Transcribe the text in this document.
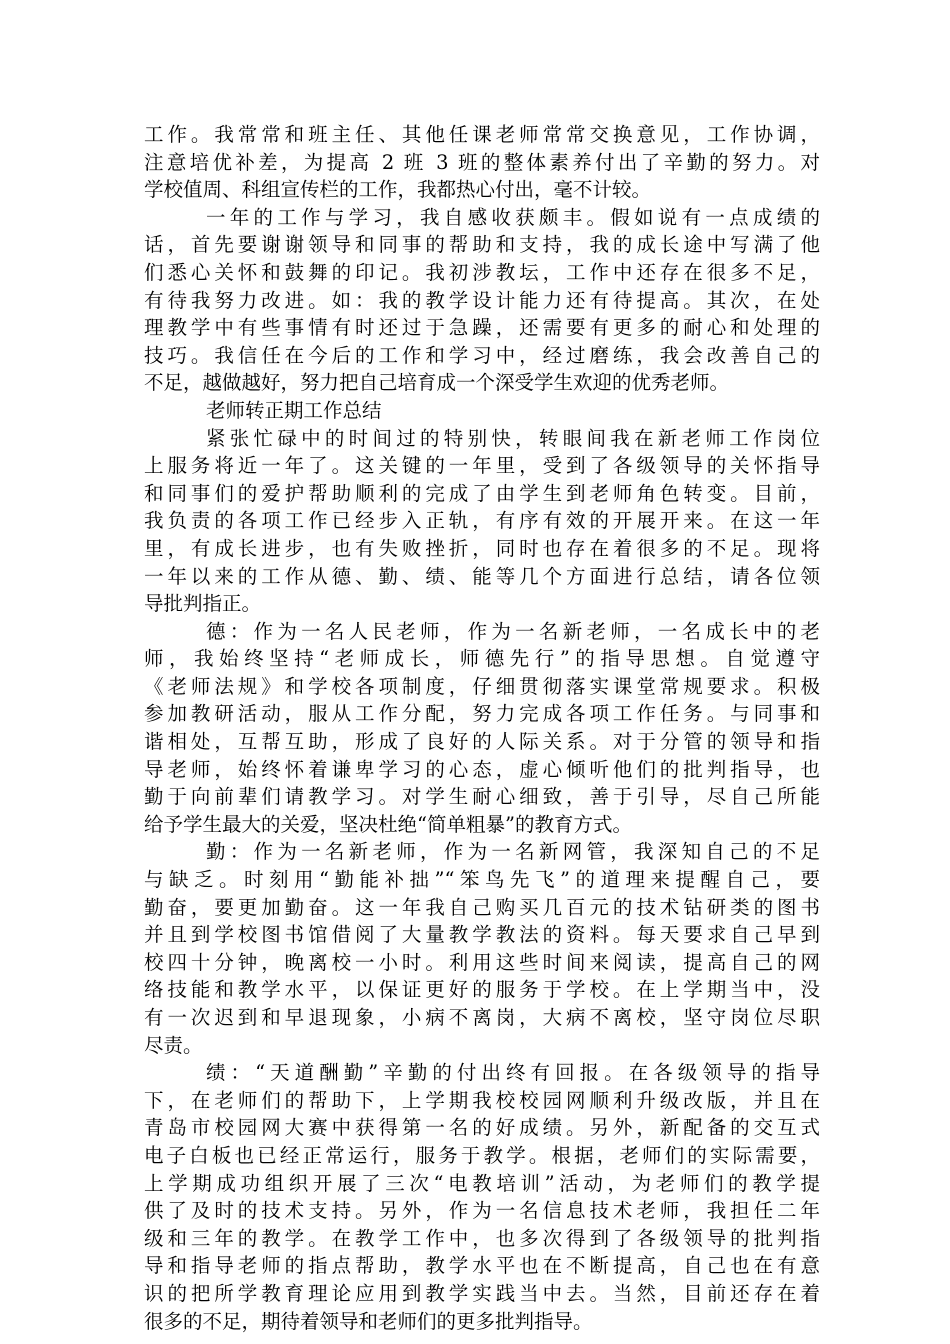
工作。我常常和班主任、其他任课老师常常交换意见，工作协调，
注意培优补差，为提高 2 班 3 班的整体素养付出了辛勤的努力。对
学校值周、科组宣传栏的工作，我都热心付出，毫不计较。
一年的工作与学习，我自感收获颇丰。假如说有一点成绩的
话，首先要谢谢领导和同事的帮助和支持，我的成长途中写满了他
们悉心关怀和鼓舞的印记。我初涉教坛，工作中还存在很多不足，
有待我努力改进。如：我的教学设计能力还有待提高。其次，在处
理教学中有些事情有时还过于急躁，还需要有更多的耐心和处理的
技巧。我信任在今后的工作和学习中，经过磨练，我会改善自己的
不足，越做越好，努力把自己培育成一个深受学生欢迎的优秀老师。
老师转正期工作总结
紧张忙碌中的时间过的特别快，转眼间我在新老师工作岗位
上服务将近一年了。这关键的一年里，受到了各级领导的关怀指导
和同事们的爱护帮助顺利的完成了由学生到老师角色转变。目前，
我负责的各项工作已经步入正轨，有序有效的开展开来。在这一年
里，有成长进步，也有失败挫折，同时也存在着很多的不足。现将
一年以来的工作从德、勤、绩、能等几个方面进行总结，请各位领
导批判指正。
德：作为一名人民老师，作为一名新老师，一名成长中的老
师，我始终坚持“老师成长，师德先行”的指导思想。自觉遵守
《老师法规》和学校各项制度，仔细贯彻落实课堂常规要求。积极
参加教研活动，服从工作分配，努力完成各项工作任务。与同事和
谐相处，互帮互助，形成了良好的人际关系。对于分管的领导和指
导老师，始终怀着谦卑学习的心态，虚心倾听他们的批判指导，也
勤于向前辈们请教学习。对学生耐心细致，善于引导，尽自己所能
给予学生最大的关爱，坚决杜绝“简单粗暴”的教育方式。
勤：作为一名新老师，作为一名新网管，我深知自己的不足
与缺乏。时刻用“勤能补拙”“笨鸟先飞”的道理来提醒自己，要
勤奋，要更加勤奋。这一年我自己购买几百元的技术钻研类的图书
并且到学校图书馆借阅了大量教学教法的资料。每天要求自己早到
校四十分钟，晚离校一小时。利用这些时间来阅读，提高自己的网
络技能和教学水平，以保证更好的服务于学校。在上学期当中，没
有一次迟到和早退现象，小病不离岗，大病不离校，坚守岗位尽职
尽责。
绩：“天道酬勤”辛勤的付出终有回报。在各级领导的指导
下，在老师们的帮助下，上学期我校校园网顺利升级改版，并且在
青岛市校园网大赛中获得第一名的好成绩。另外，新配备的交互式
电子白板也已经正常运行，服务于教学。根据，老师们的实际需要，
上学期成功组织开展了三次“电教培训”活动，为老师们的教学提
供了及时的技术支持。另外，作为一名信息技术老师，我担任二年
级和三年的教学。在教学工作中，也多次得到了各级领导的批判指
导和指导老师的指点帮助，教学水平也在不断提高，自己也在有意
识的把所学教育理论应用到教学实践当中去。当然，目前还存在着
很多的不足，期待着领导和老师们的更多批判指导。
